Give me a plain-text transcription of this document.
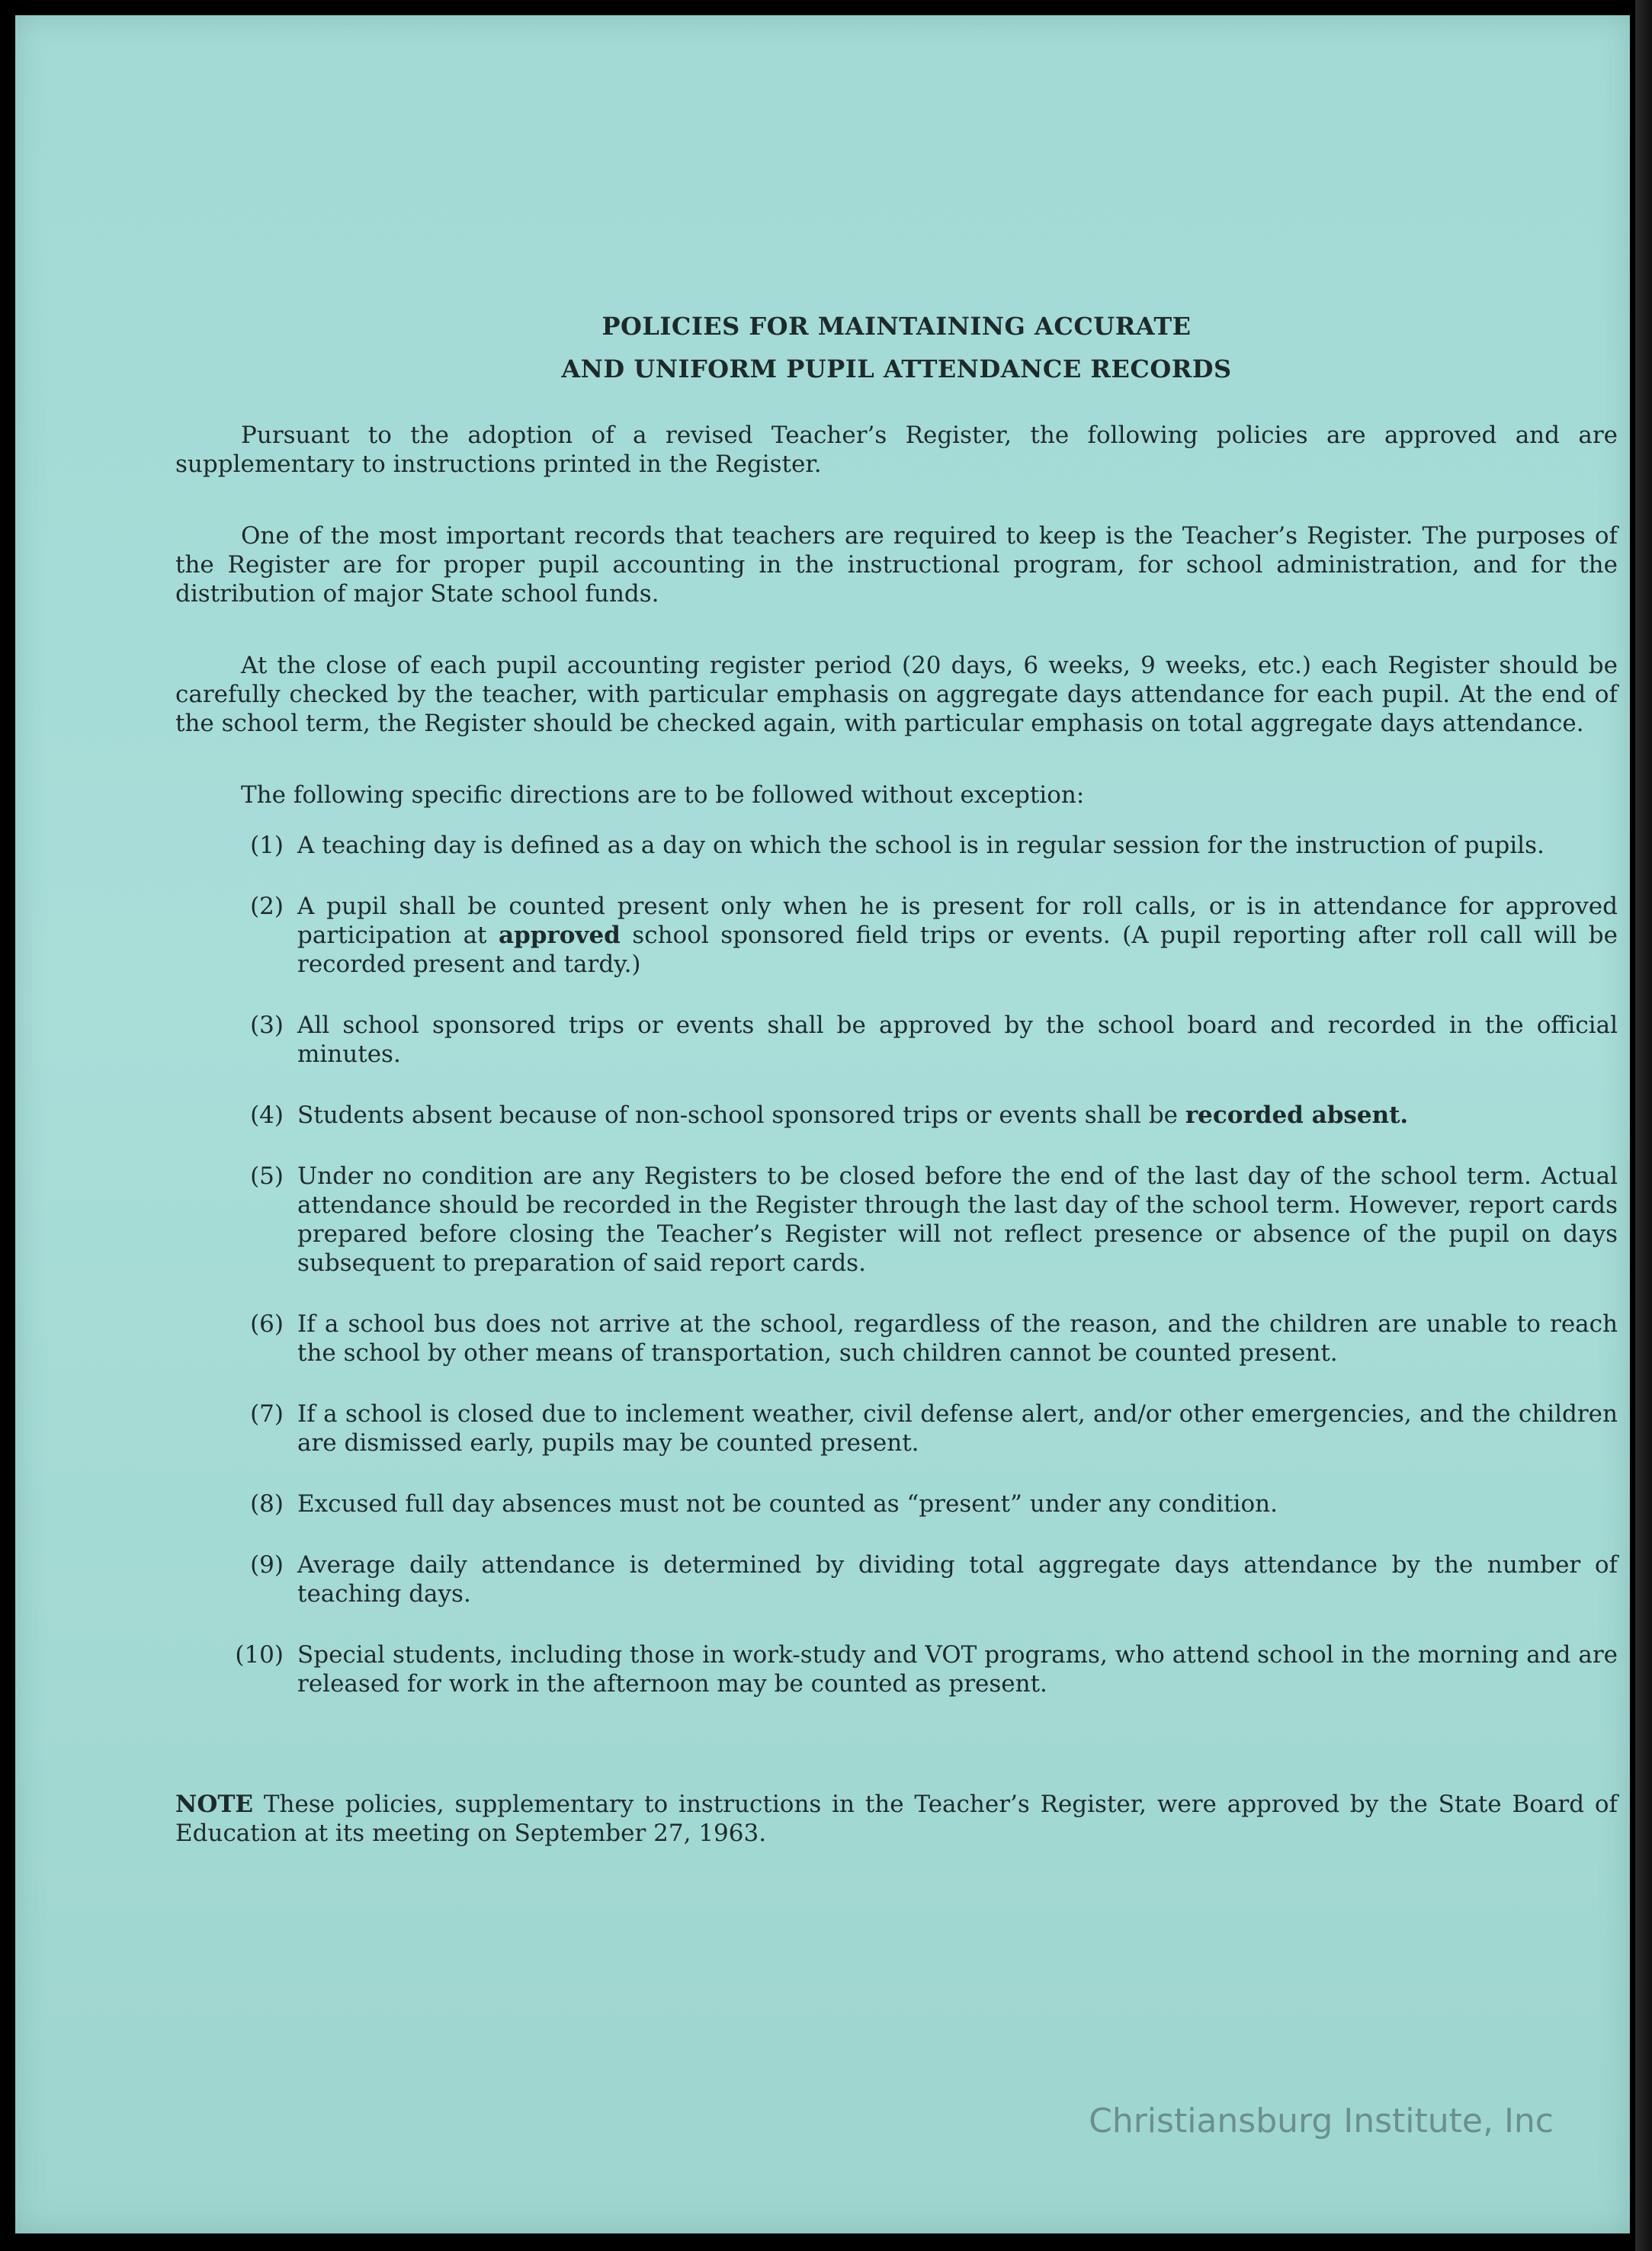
POLICIES FOR MAINTAINING ACCURATE
AND UNIFORM PUPIL ATTENDANCE RECORDS

Pursuant to the adoption of a revised Teacher’s Register, the following policies are approved and are supplementary to instructions printed in the Register.

One of the most important records that teachers are required to keep is the Teacher’s Register. The purposes of the Register are for proper pupil accounting in the instructional program, for school administration, and for the distribution of major State school funds.

At the close of each pupil accounting register period (20 days, 6 weeks, 9 weeks, etc.) each Register should be carefully checked by the teacher, with particular emphasis on aggregate days attendance for each pupil. At the end of the school term, the Register should be checked again, with particular emphasis on total aggregate days attendance.

The following specific directions are to be followed without exception:
(1) A teaching day is defined as a day on which the school is in regular session for the instruction of pupils.
(2) A pupil shall be counted present only when he is present for roll calls, or is in attendance for approved participation at approved school sponsored field trips or events. (A pupil reporting after roll call will be recorded present and tardy.)
(3) All school sponsored trips or events shall be approved by the school board and recorded in the official minutes.
(4) Students absent because of non-school sponsored trips or events shall be recorded absent.
(5) Under no condition are any Registers to be closed before the end of the last day of the school term. Actual attendance should be recorded in the Register through the last day of the school term. However, report cards prepared before closing the Teacher’s Register will not reflect presence or absence of the pupil on days subsequent to preparation of said report cards.
(6) If a school bus does not arrive at the school, regardless of the reason, and the children are unable to reach the school by other means of transportation, such children cannot be counted present.
(7) If a school is closed due to inclement weather, civil defense alert, and/or other emergencies, and the children are dismissed early, pupils may be counted present.
(8) Excused full day absences must not be counted as “present” under any condition.
(9) Average daily attendance is determined by dividing total aggregate days attendance by the number of teaching days.
(10) Special students, including those in work-study and VOT programs, who attend school in the morning and are released for work in the afternoon may be counted as present.
NOTE These policies, supplementary to instructions in the Teacher’s Register, were approved by the State Board of Education at its meeting on September 27, 1963.
Christiansburg Institute, Inc
